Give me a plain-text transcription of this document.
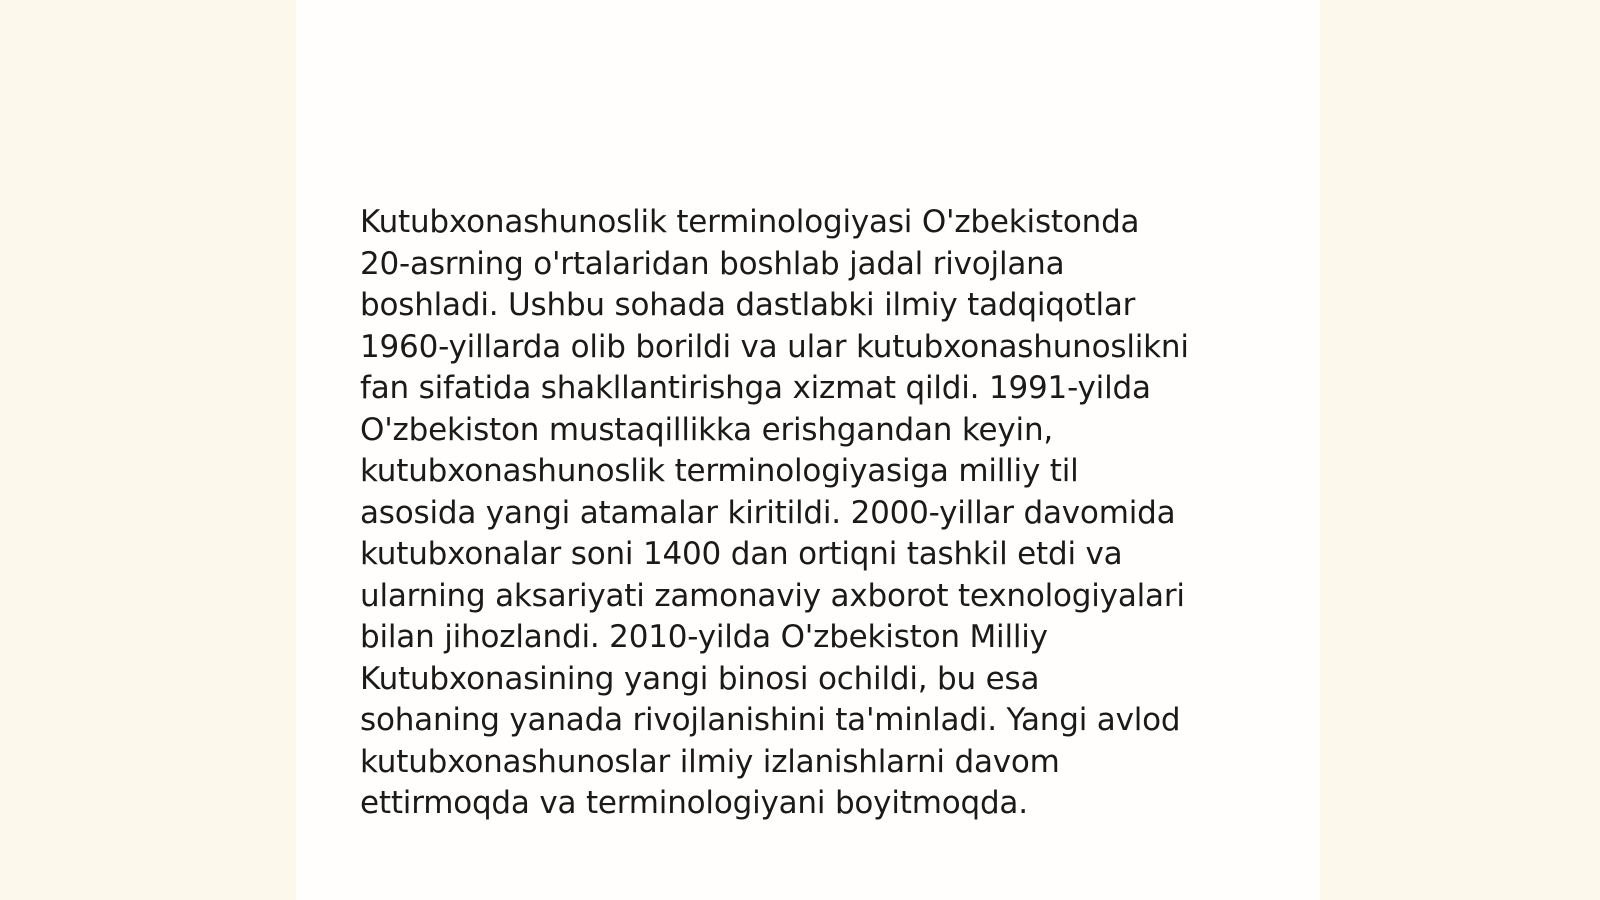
Kutubxonashunoslik terminologiyasi O'zbekistonda
20-asrning o'rtalaridan boshlab jadal rivojlana
boshladi. Ushbu sohada dastlabki ilmiy tadqiqotlar
1960-yillarda olib borildi va ular kutubxonashunoslikni
fan sifatida shakllantirishga xizmat qildi. 1991-yilda
O'zbekiston mustaqillikka erishgandan keyin,
kutubxonashunoslik terminologiyasiga milliy til
asosida yangi atamalar kiritildi. 2000-yillar davomida
kutubxonalar soni 1400 dan ortiqni tashkil etdi va
ularning aksariyati zamonaviy axborot texnologiyalari
bilan jihozlandi. 2010-yilda O'zbekiston Milliy
Kutubxonasining yangi binosi ochildi, bu esa
sohaning yanada rivojlanishini ta'minladi. Yangi avlod
kutubxonashunoslar ilmiy izlanishlarni davom
ettirmoqda va terminologiyani boyitmoqda.
